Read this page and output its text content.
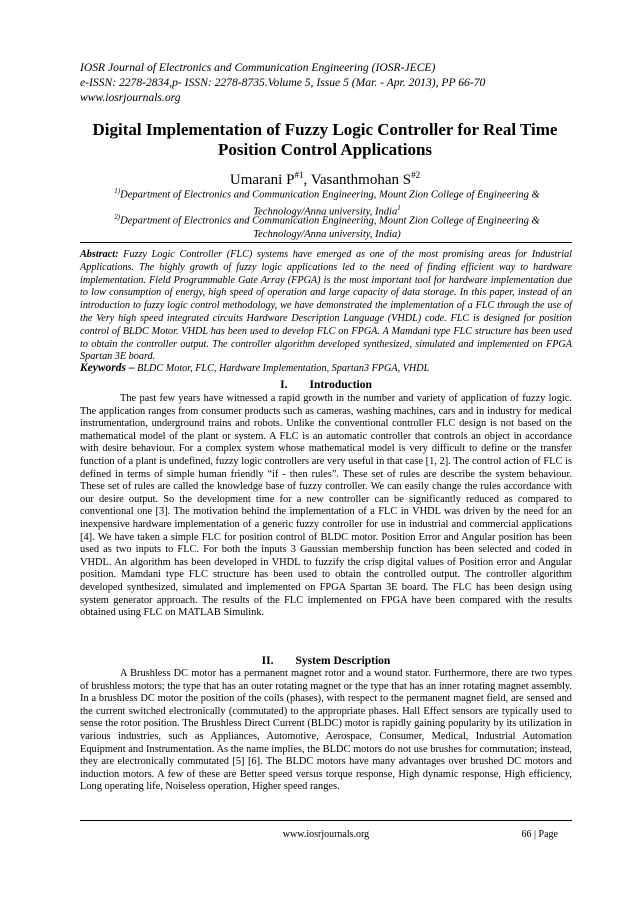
IOSR Journal of Electronics and Communication Engineering (IOSR-JECE)
e-ISSN: 2278-2834,p- ISSN: 2278-8735.Volume 5, Issue 5 (Mar. - Apr. 2013), PP 66-70
www.iosrjournals.org
Digital Implementation of Fuzzy Logic Controller for Real Time Position Control Applications
Umarani $P^{\#1}$, Vasanthmohan $S^{\#2}$
$^{1)}$Department of Electronics and Communication Engineering, Mount Zion College of Engineering & Technology/Anna university, India$^1$
$^{2)}$Department of Electronics and Communication Engineering, Mount Zion College of Engineering & Technology/Anna university, India)
Abstract: Fuzzy Logic Controller (FLC) systems have emerged as one of the most promising areas for Industrial Applications. The highly growth of fuzzy logic applications led to the need of finding efficient way to hardware implementation. Field Programmable Gate Array (FPGA) is the most important tool for hardware implementation due to low consumption of energy, high speed of operation and large capacity of data storage. In this paper, instead of an introduction to fuzzy logic control methodology, we have demonstrated the implementation of a FLC through the use of the Very high speed integrated circuits Hardware Description Language (VHDL) code. FLC is designed for position control of BLDC Motor. VHDL has been used to develop FLC on FPGA. A Mamdani type FLC structure has been used to obtain the controller output. The controller algorithm developed synthesized, simulated and implemented on FPGA Spartan 3E board.
Keywords – BLDC Motor, FLC, Hardware Implementation, Spartan3 FPGA, VHDL
I. Introduction
The past few years have witnessed a rapid growth in the number and variety of application of fuzzy logic. The application ranges from consumer products such as cameras, washing machines, cars and in industry for medical instrumentation, underground trains and robots. Unlike the conventional controller FLC design is not based on the mathematical model of the plant or system. A FLC is an automatic controller that controls an object in accordance with desire behaviour. For a complex system whose mathematical model is very difficult to define or the transfer function of a plant is undefined, fuzzy logic controllers are very useful in that case [1, 2]. The control action of FLC is defined in terms of simple human friendly “if - then rules”. These set of rules are describe the system behaviour. These set of rules are called the knowledge base of fuzzy controller. We can easily change the rules accordance with our desire output. So the development time for a new controller can be significantly reduced as compared to conventional one [3]. The motivation behind the implementation of a FLC in VHDL was driven by the need for an inexpensive hardware implementation of a generic fuzzy controller for use in industrial and commercial applications [4]. We have taken a simple FLC for position control of BLDC motor. Position Error and Angular position has been used as two inputs to FLC. For both the inputs 3 Gaussian membership function has been selected and coded in VHDL. An algorithm has been developed in VHDL to fuzzify the crisp digital values of Position error and Angular position. Mamdani type FLC structure has been used to obtain the controlled output. The controller algorithm developed synthesized, simulated and implemented on FPGA Spartan 3E board. The FLC has been design using system generator approach. The results of the FLC implemented on FPGA have been compared with the results obtained using FLC on MATLAB Simulink.
II. System Description
A Brushless DC motor has a permanent magnet rotor and a wound stator. Furthermore, there are two types of brushless motors; the type that has an outer rotating magnet or the type that has an inner rotating magnet assembly. In a brushless DC motor the position of the coils (phases), with respect to the permanent magnet field, are sensed and the current switched electronically (commutated) to the appropriate phases. Hall Effect sensors are typically used to sense the rotor position. The Brushless Direct Current (BLDC) motor is rapidly gaining popularity by its utilization in various industries, such as Appliances, Automotive, Aerospace, Consumer, Medical, Industrial Automation Equipment and Instrumentation. As the name implies, the BLDC motors do not use brushes for commutation; instead, they are electronically commutated [5] [6]. The BLDC motors have many advantages over brushed DC motors and induction motors. A few of these are Better speed versus torque response, High dynamic response, High efficiency, Long operating life, Noiseless operation, Higher speed ranges.
www.iosrjournals.org	66 | Page
